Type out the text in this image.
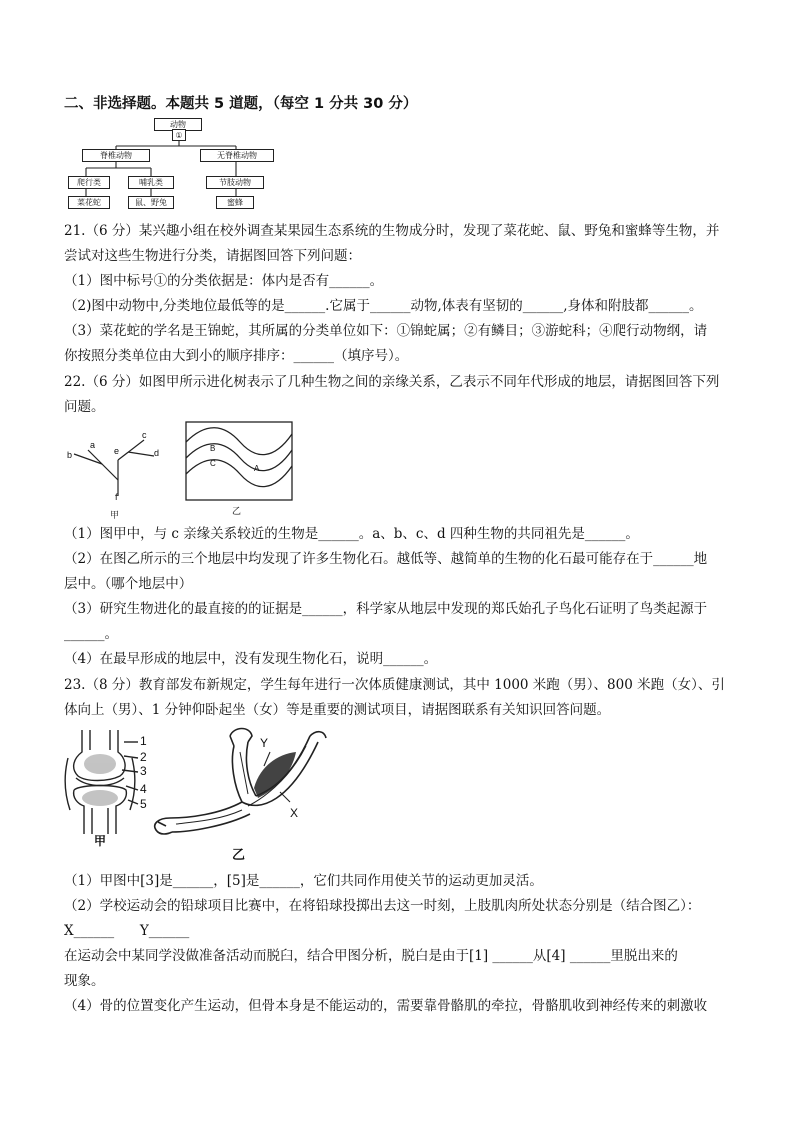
二、非选择题。本题共 5 道题，（每空 1 分共 30 分）
动物
①
脊椎动物	无脊椎动物
爬行类	哺乳类	节肢动物
菜花蛇	鼠、野兔	蜜蜂
21.（6 分）某兴趣小组在校外调查某果园生态系统的生物成分时，发现了菜花蛇、鼠、野兔和蜜蜂等生物，并
尝试对这些生物进行分类，请据图回答下列问题：
（1）图中标号①的分类依据是：体内是否有______。
（2)图中动物中,分类地位最低等的是______.它属于______动物,体表有坚韧的______,身体和附肢都______。
（3）菜花蛇的学名是王锦蛇，其所属的分类单位如下：①锦蛇属；②有鳞目；③游蛇科；④爬行动物纲，请
你按照分类单位由大到小的顺序排序：______（填序号）。
22.（6 分）如图甲所示进化树表示了几种生物之间的亲缘关系，乙表示不同年代形成的地层，请据图回答下列
问题。
a
b
c
d
e
f
甲
B
C
A
乙
（1）图甲中，与 c 亲缘关系较近的生物是______。a、b、c、d 四种生物的共同祖先是______。
（2）在图乙所示的三个地层中均发现了许多生物化石。越低等、越简单的生物的化石最可能存在于______地
层中。（哪个地层中）
（3）研究生物进化的最直接的的证据是______，科学家从地层中发现的郑氏始孔子鸟化石证明了鸟类起源于
______。
（4）在最早形成的地层中，没有发现生物化石，说明______。
23.（8 分）教育部发布新规定，学生每年进行一次体质健康测试，其中 1000 米跑（男）、800 米跑（女）、引
体向上（男）、1 分钟仰卧起坐（女）等是重要的测试项目，请据图联系有关知识回答问题。
1
2
3
4
5
甲
Y
X
乙
（1）甲图中[3]是______，[5]是______，它们共同作用使关节的运动更加灵活。
（2）学校运动会的铅球项目比赛中，在将铅球投掷出去这一时刻，上肢肌肉所处状态分别是（结合图乙）：
X______      Y______
在运动会中某同学没做准备活动而脱臼，结合甲图分析，脱白是由于[1] ______从[4] ______里脱出来的
现象。
（4）骨的位置变化产生运动，但骨本身是不能运动的，需要靠骨骼肌的牵拉，骨骼肌收到神经传来的刺激收
